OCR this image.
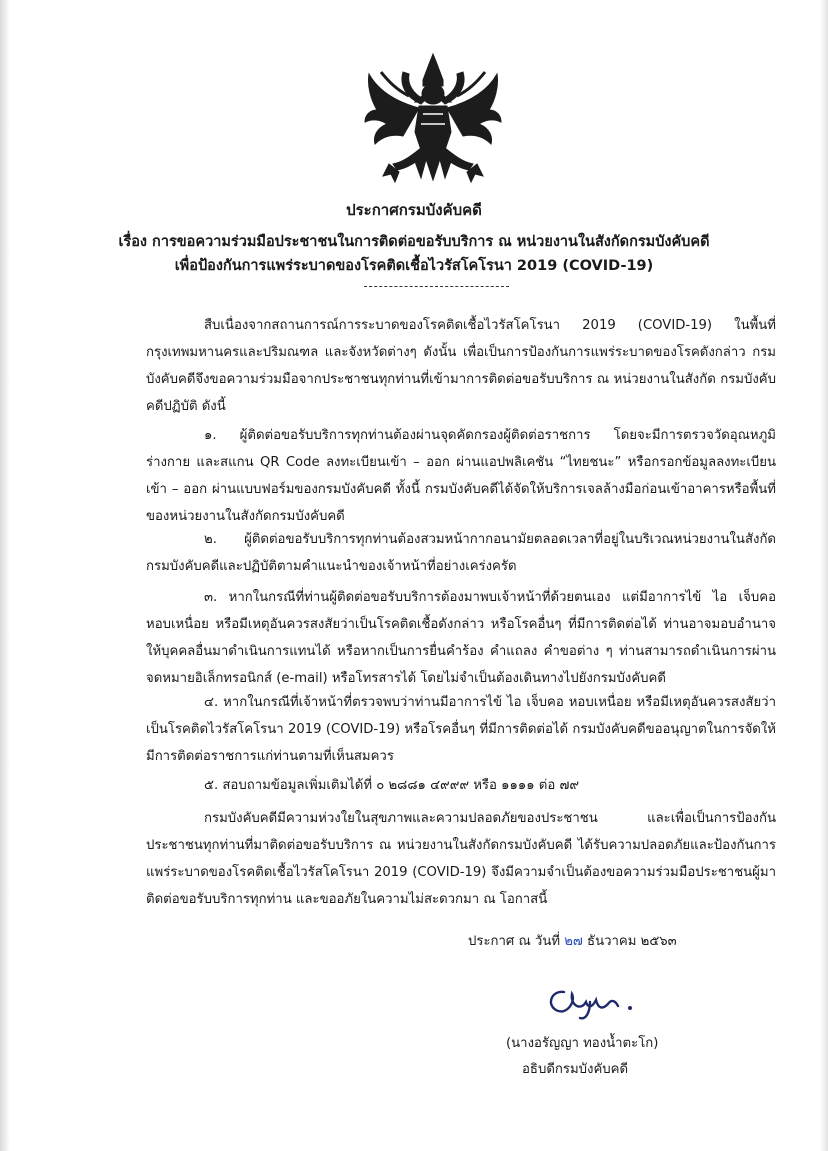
ประกาศกรมบังคับคดี
เรื่อง การขอความร่วมมือประชาชนในการติดต่อขอรับบริการ ณ หน่วยงานในสังกัดกรมบังคับคดี
เพื่อป้องกันการแพร่ระบาดของโรคติดเชื้อไวรัสโคโรนา 2019 (COVID-19)
สืบเนื่องจากสถานการณ์การระบาดของโรคติดเชื้อไวรัสโคโรนา 2019 (COVID-19) ในพื้นที่กรุงเทพมหานครและปริมณฑล และจังหวัดต่างๆ ดังนั้น เพื่อเป็นการป้องกันการแพร่ระบาดของโรคดังกล่าว กรมบังคับคดีจึงขอความร่วมมือจากประชาชนทุกท่านที่เข้ามาการติดต่อขอรับบริการ ณ หน่วยงานในสังกัด กรมบังคับคดีปฏิบัติ ดังนี้
๑. ผู้ติดต่อขอรับบริการทุกท่านต้องผ่านจุดคัดกรองผู้ติดต่อราชการ โดยจะมีการตรวจวัดอุณหภูมิร่างกาย และสแกน QR Code ลงทะเบียนเข้า – ออก ผ่านแอปพลิเคชัน “ไทยชนะ” หรือกรอกข้อมูลลงทะเบียนเข้า – ออก ผ่านแบบฟอร์มของกรมบังคับคดี ทั้งนี้ กรมบังคับคดีได้จัดให้บริการเจลล้างมือก่อนเข้าอาคารหรือพื้นที่ของหน่วยงานในสังกัดกรมบังคับคดี
๒. ผู้ติดต่อขอรับบริการทุกท่านต้องสวมหน้ากากอนามัยตลอดเวลาที่อยู่ในบริเวณหน่วยงานในสังกัดกรมบังคับคดีและปฏิบัติตามคำแนะนำของเจ้าหน้าที่อย่างเคร่งครัด
๓. หากในกรณีที่ท่านผู้ติดต่อขอรับบริการต้องมาพบเจ้าหน้าที่ด้วยตนเอง แต่มีอาการไข้ ไอ เจ็บคอ หอบเหนื่อย หรือมีเหตุอันควรสงสัยว่าเป็นโรคติดเชื้อดังกล่าว หรือโรคอื่นๆ ที่มีการติดต่อได้ ท่านอาจมอบอำนาจให้บุคคลอื่นมาดำเนินการแทนได้ หรือหากเป็นการยื่นคำร้อง คำแถลง คำขอต่าง ๆ ท่านสามารถดำเนินการผ่านจดหมายอิเล็กทรอนิกส์ (e-mail) หรือโทรสารได้ โดยไม่จำเป็นต้องเดินทางไปยังกรมบังคับคดี
๔. หากในกรณีที่เจ้าหน้าที่ตรวจพบว่าท่านมีอาการไข้ ไอ เจ็บคอ หอบเหนื่อย หรือมีเหตุอันควรสงสัยว่าเป็นโรคติดไวรัสโคโรนา 2019 (COVID-19) หรือโรคอื่นๆ ที่มีการติดต่อได้ กรมบังคับคดีขออนุญาตในการจัดให้มีการติดต่อราชการแก่ท่านตามที่เห็นสมควร
๕. สอบถามข้อมูลเพิ่มเติมได้ที่ ๐ ๒๘๘๑ ๔๙๙๙ หรือ ๑๑๑๑ ต่อ ๗๙
กรมบังคับคดีมีความห่วงใยในสุขภาพและความปลอดภัยของประชาชน และเพื่อเป็นการป้องกันประชาชนทุกท่านที่มาติดต่อขอรับบริการ ณ หน่วยงานในสังกัดกรมบังคับคดี ได้รับความปลอดภัยและป้องกันการแพร่ระบาดของโรคติดเชื้อไวรัสโคโรนา 2019 (COVID-19) จึงมีความจำเป็นต้องขอความร่วมมือประชาชนผู้มาติดต่อขอรับบริการทุกท่าน และขออภัยในความไม่สะดวกมา ณ โอกาสนี้
ประกาศ ณ วันที่ ๒๗ ธันวาคม ๒๕๖๓
(นางอรัญญา ทองน้ำตะโก)
อธิบดีกรมบังคับคดี
